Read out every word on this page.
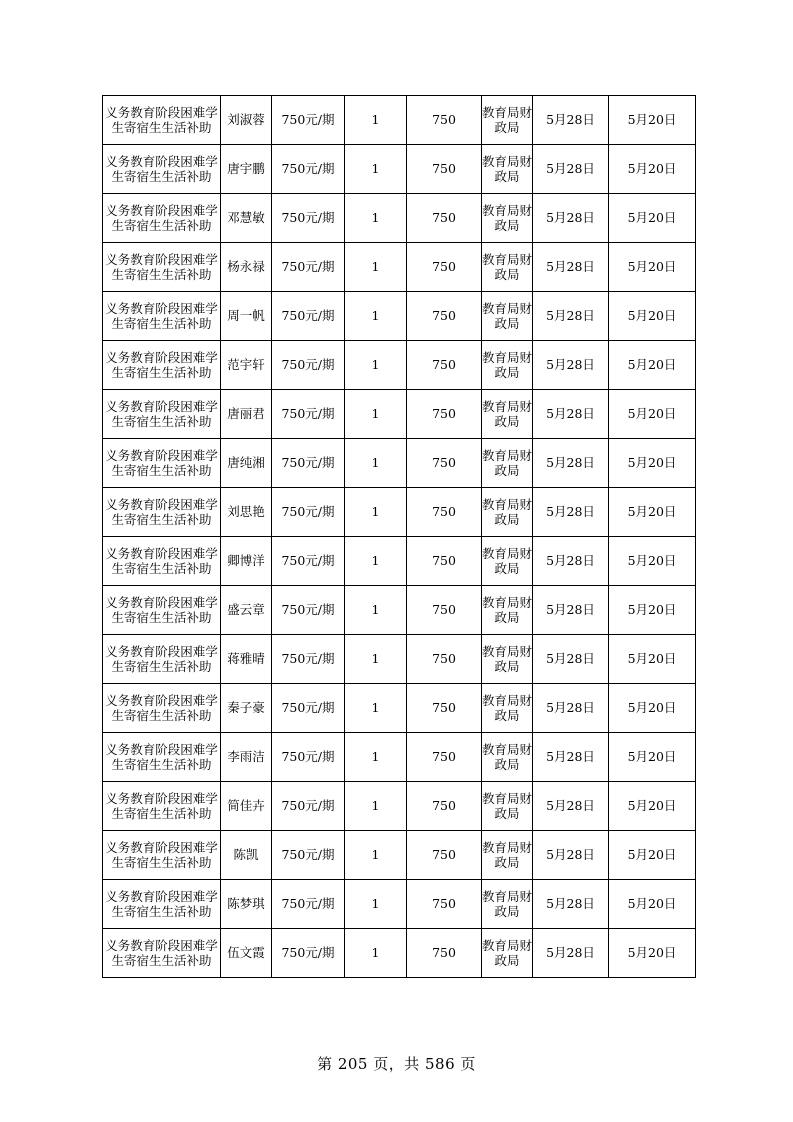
义务教育阶段困难学生寄宿生生活补助	刘淑蓉	750元/期	1	750	教育局财政局	5月28日	5月20日
义务教育阶段困难学生寄宿生生活补助	唐宇鹏	750元/期	1	750	教育局财政局	5月28日	5月20日
义务教育阶段困难学生寄宿生生活补助	邓慧敏	750元/期	1	750	教育局财政局	5月28日	5月20日
义务教育阶段困难学生寄宿生生活补助	杨永禄	750元/期	1	750	教育局财政局	5月28日	5月20日
义务教育阶段困难学生寄宿生生活补助	周一帆	750元/期	1	750	教育局财政局	5月28日	5月20日
义务教育阶段困难学生寄宿生生活补助	范宇轩	750元/期	1	750	教育局财政局	5月28日	5月20日
义务教育阶段困难学生寄宿生生活补助	唐丽君	750元/期	1	750	教育局财政局	5月28日	5月20日
义务教育阶段困难学生寄宿生生活补助	唐纯湘	750元/期	1	750	教育局财政局	5月28日	5月20日
义务教育阶段困难学生寄宿生生活补助	刘思艳	750元/期	1	750	教育局财政局	5月28日	5月20日
义务教育阶段困难学生寄宿生生活补助	卿博洋	750元/期	1	750	教育局财政局	5月28日	5月20日
义务教育阶段困难学生寄宿生生活补助	盛云章	750元/期	1	750	教育局财政局	5月28日	5月20日
义务教育阶段困难学生寄宿生生活补助	蒋雅晴	750元/期	1	750	教育局财政局	5月28日	5月20日
义务教育阶段困难学生寄宿生生活补助	秦子豪	750元/期	1	750	教育局财政局	5月28日	5月20日
义务教育阶段困难学生寄宿生生活补助	李雨洁	750元/期	1	750	教育局财政局	5月28日	5月20日
义务教育阶段困难学生寄宿生生活补助	简佳卉	750元/期	1	750	教育局财政局	5月28日	5月20日
义务教育阶段困难学生寄宿生生活补助	陈凯	750元/期	1	750	教育局财政局	5月28日	5月20日
义务教育阶段困难学生寄宿生生活补助	陈梦琪	750元/期	1	750	教育局财政局	5月28日	5月20日
义务教育阶段困难学生寄宿生生活补助	伍文霞	750元/期	1	750	教育局财政局	5月28日	5月20日
第 205 页，共 586 页
